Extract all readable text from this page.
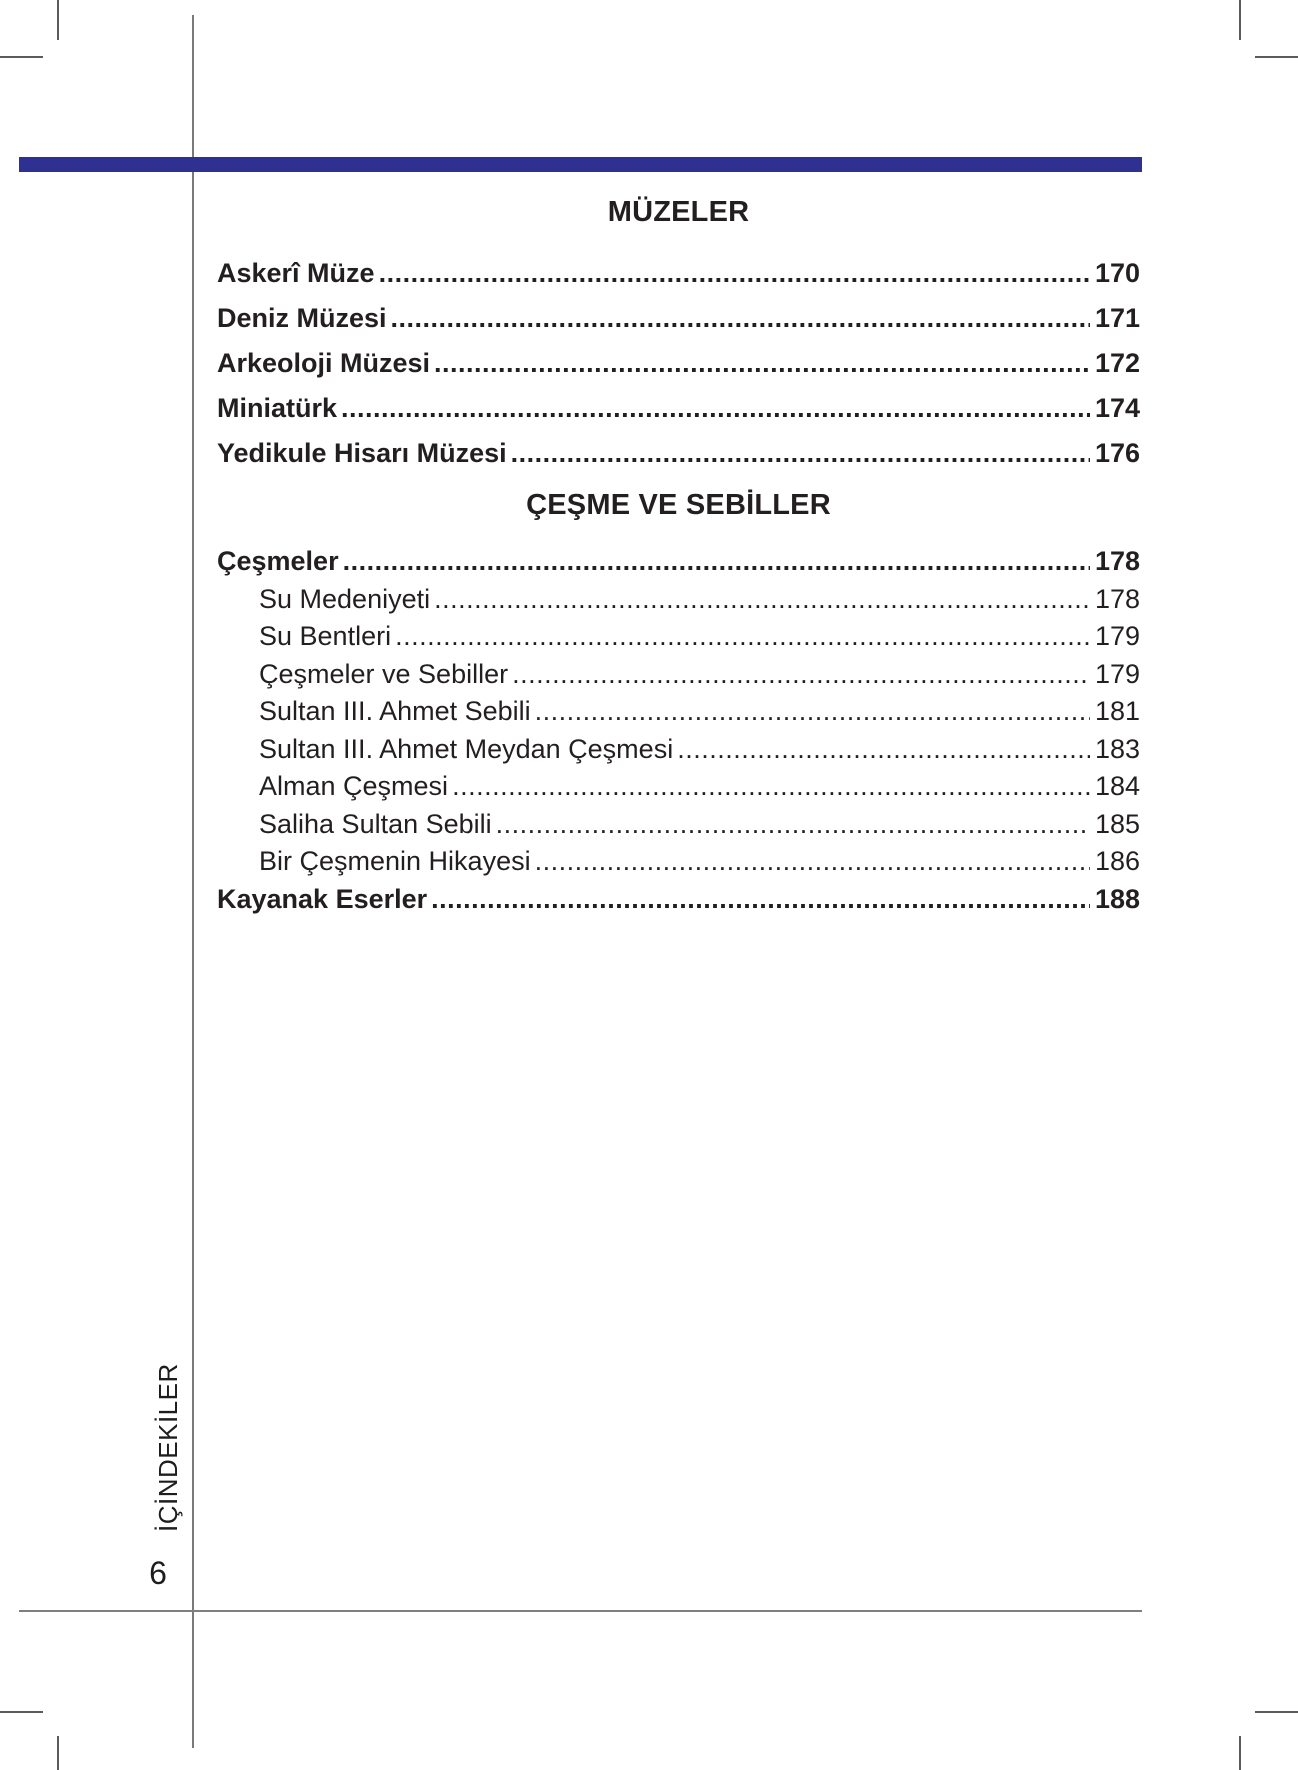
MÜZELER
Askerî Müze .....	170
Deniz Müzesi .....	171
Arkeoloji Müzesi .....	172
Miniatürk .....	174
Yedikule Hisarı Müzesi .....	176
ÇEŞME VE SEBİLLER
Çeşmeler .....	178
Su Medeniyeti .....	178
Su Bentleri .....	179
Çeşmeler ve Sebiller .....	179
Sultan III. Ahmet Sebili .....	181
Sultan III. Ahmet Meydan Çeşmesi .....	183
Alman Çeşmesi .....	184
Saliha Sultan Sebili .....	185
Bir Çeşmenin Hikayesi .....	186
Kayanak Eserler .....	188
İÇİNDEKİLER
6
